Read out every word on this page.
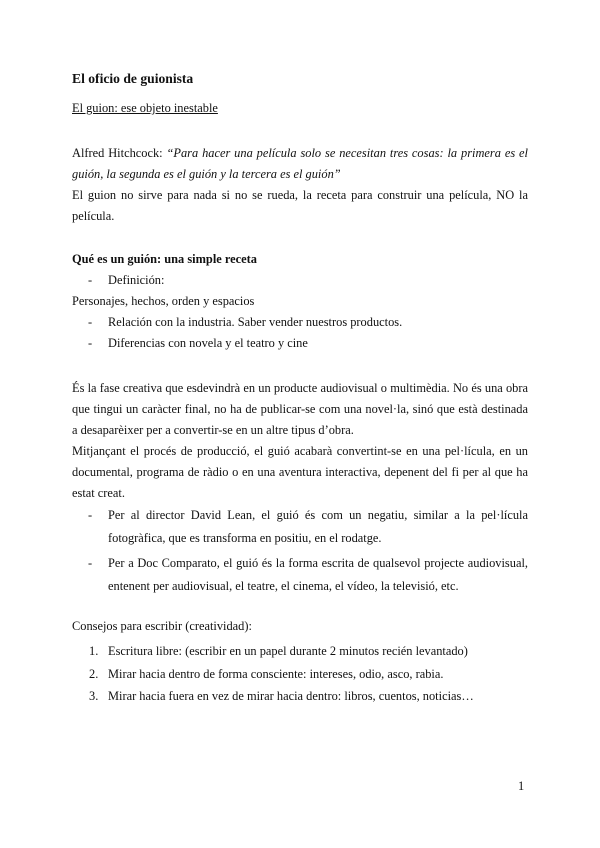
El oficio de guionista

El guion: ese objeto inestable

Alfred Hitchcock: “Para hacer una película solo se necesitan tres cosas: la primera es el guión, la segunda es el guión y la tercera es el guión”

El guion no sirve para nada si no se rueda, la receta para construir una película, NO la película.

Qué es un guión: una simple receta

- Definición:

Personajes, hechos, orden y espacios

- Relación con la industria. Saber vender nuestros productos.
- Diferencias con novela y el teatro y cine

És la fase creativa que esdevindrà en un producte audiovisual o multimèdia. No és una obra que tingui un caràcter final, no ha de publicar-se com una novel·la, sinó que està destinada a desaparèixer per a convertir-se en un altre tipus d’obra.

Mitjançant el procés de producció, el guió acabarà convertint-se en una pel·lícula, en un documental, programa de ràdio o en una aventura interactiva, depenent del fi per al que ha estat creat.

- Per al director David Lean, el guió és com un negatiu, similar a la pel·lícula fotogràfica, que es transforma en positiu, en el rodatge.
- Per a Doc Comparato, el guió és la forma escrita de qualsevol projecte audiovisual, entenent per audiovisual, el teatre, el cinema, el vídeo, la televisió, etc.

Consejos para escribir (creatividad):

1. Escritura libre: (escribir en un papel durante 2 minutos recién levantado)
2. Mirar hacia dentro de forma consciente: intereses, odio, asco, rabia.
3. Mirar hacia fuera en vez de mirar hacia dentro: libros, cuentos, noticias…
1
